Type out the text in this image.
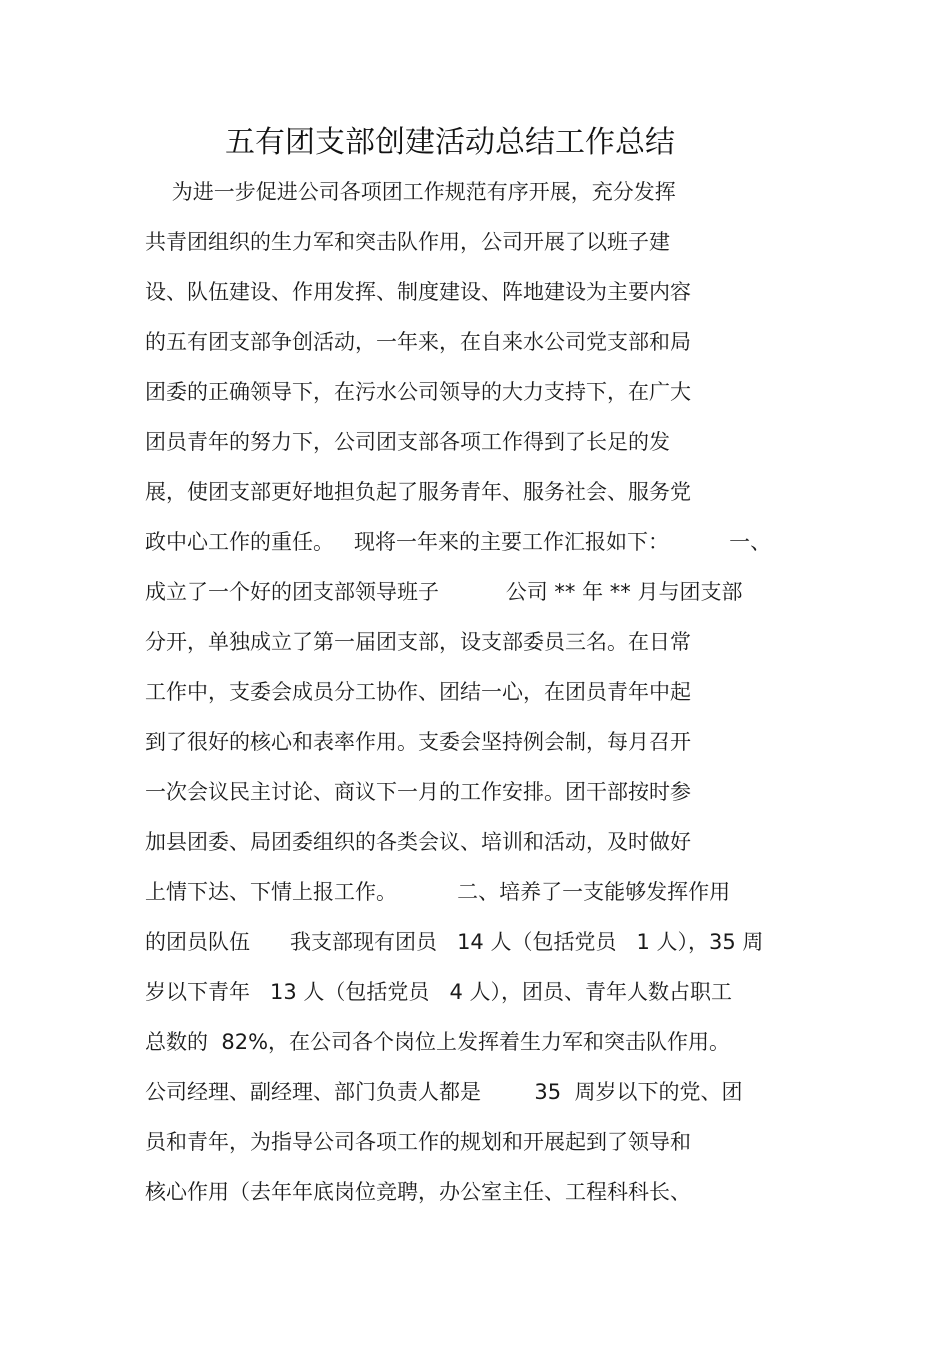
五有团支部创建活动总结工作总结
为进一步促进公司各项团工作规范有序开展，充分发挥
共青团组织的生力军和突击队作用，公司开展了以班子建
设、队伍建设、作用发挥、制度建设、阵地建设为主要内容
的五有团支部争创活动，一年来，在自来水公司党支部和局
团委的正确领导下，在污水公司领导的大力支持下，在广大
团员青年的努力下，公司团支部各项工作得到了长足的发
展，使团支部更好地担负起了服务青年、服务社会、服务党
政中心工作的重任。   现将一年来的主要工作汇报如下：         一、
成立了一个好的团支部领导班子          公司 ** 年 ** 月与团支部
分开，单独成立了第一届团支部，设支部委员三名。在日常
工作中，支委会成员分工协作、团结一心，在团员青年中起
到了很好的核心和表率作用。支委会坚持例会制，每月召开
一次会议民主讨论、商议下一月的工作安排。团干部按时参
加县团委、局团委组织的各类会议、培训和活动，及时做好
上情下达、下情上报工作。         二、培养了一支能够发挥作用
的团员队伍      我支部现有团员   14 人（包括党员   1 人），35 周
岁以下青年   13 人（包括党员   4 人），团员、青年人数占职工
总数的  82%，在公司各个岗位上发挥着生力军和突击队作用。
公司经理、副经理、部门负责人都是        35  周岁以下的党、团
员和青年，为指导公司各项工作的规划和开展起到了领导和
核心作用（去年年底岗位竞聘，办公室主任、工程科科长、
